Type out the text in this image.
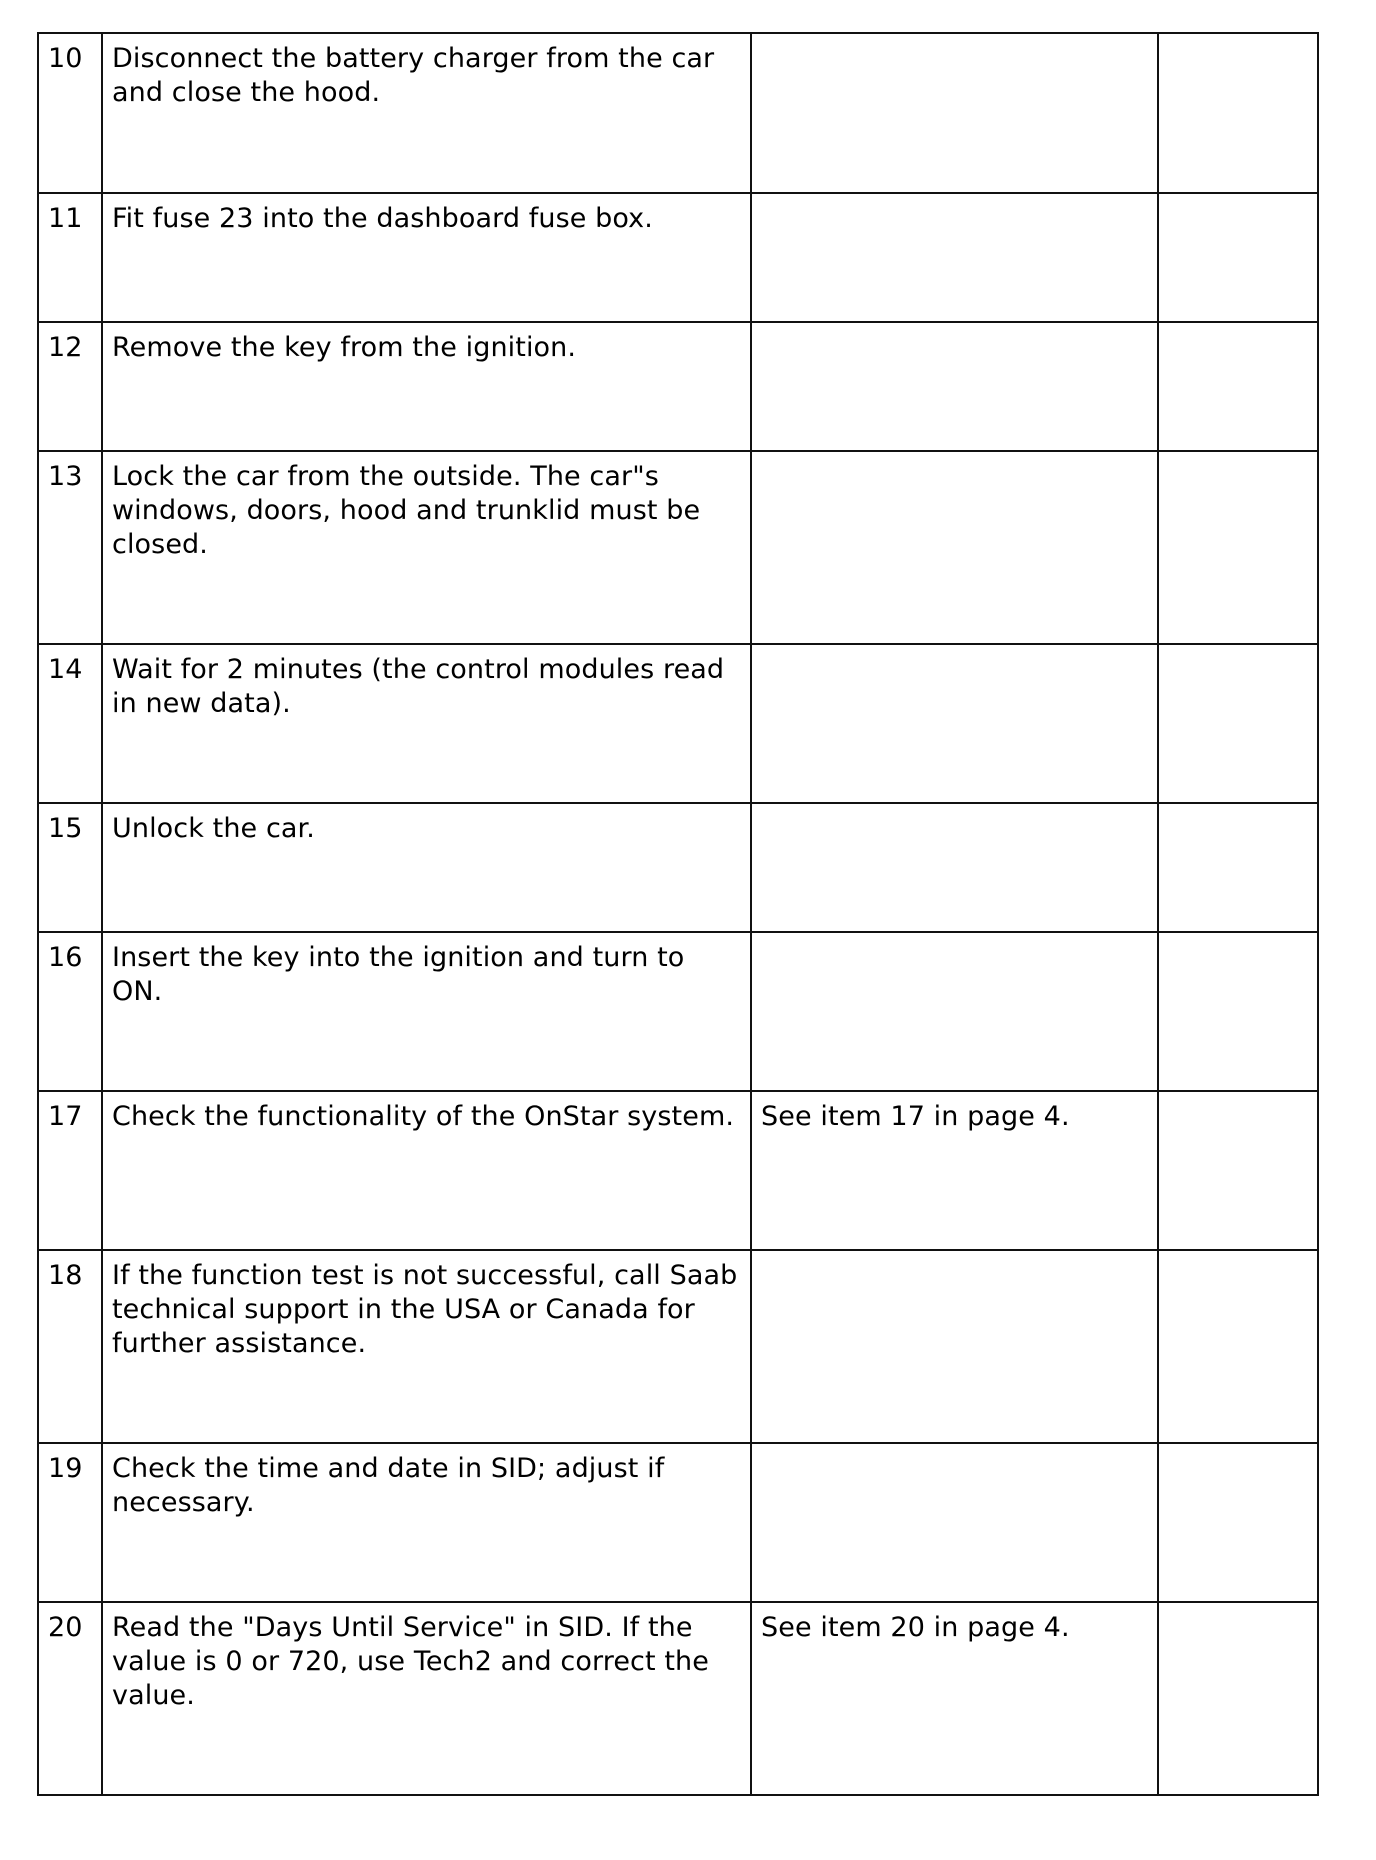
10	Disconnect the battery charger from the car and close the hood.		
11	Fit fuse 23 into the dashboard fuse box.		
12	Remove the key from the ignition.		
13	Lock the car from the outside. The car"s windows, doors, hood and trunklid must be closed.		
14	Wait for 2 minutes (the control modules read in new data).		
15	Unlock the car.		
16	Insert the key into the ignition and turn to ON.		
17	Check the functionality of the OnStar system.	See item 17 in page 4.	
18	If the function test is not successful, call Saab technical support in the USA or Canada for further assistance.		
19	Check the time and date in SID; adjust if necessary.		
20	Read the "Days Until Service" in SID. If the value is 0 or 720, use Tech2 and correct the value.	See item 20 in page 4.	
